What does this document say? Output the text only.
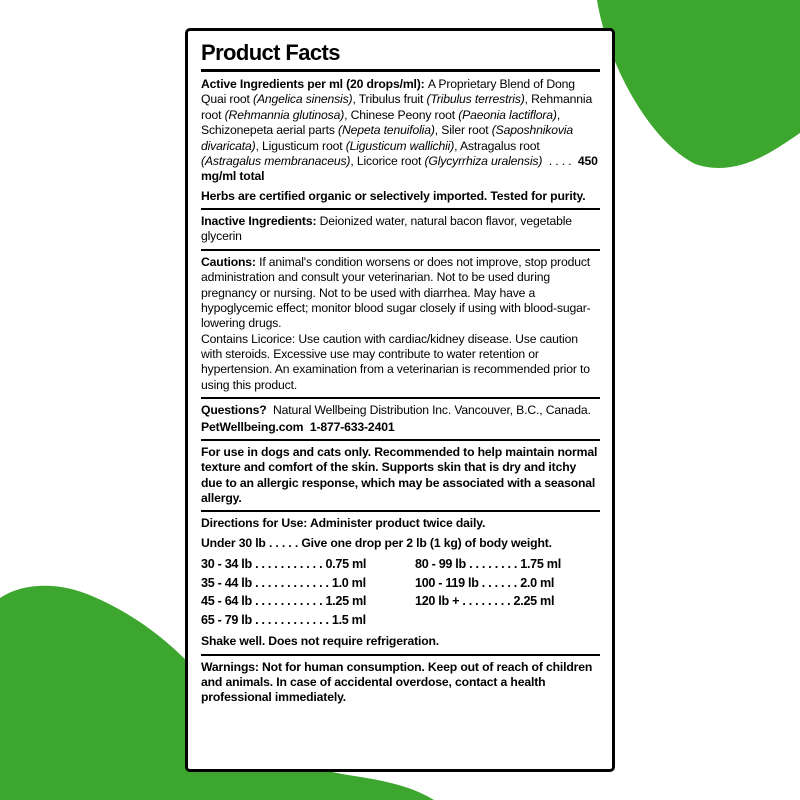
Product Facts

Active Ingredients per ml (20 drops/ml): A Proprietary Blend of Dong Quai root (Angelica sinensis), Tribulus fruit (Tribulus terrestris), Rehmannia root (Rehmannia glutinosa), Chinese Peony root (Paeonia lactiflora), Schizonepeta aerial parts (Nepeta tenuifolia), Siler root (Saposhnikovia divaricata), Ligusticum root (Ligusticum wallichii), Astragalus root (Astragalus membranaceus), Licorice root (Glycyrrhiza uralensis)  . . . .  450 mg/ml total

Herbs are certified organic or selectively imported. Tested for purity.

Inactive Ingredients: Deionized water, natural bacon flavor, vegetable glycerin

Cautions: If animal's condition worsens or does not improve, stop product administration and consult your veterinarian. Not to be used during pregnancy or nursing. Not to be used with diarrhea. May have a hypoglycemic effect; monitor blood sugar closely if using with blood-sugar-lowering drugs.

Contains Licorice: Use caution with cardiac/kidney disease. Use caution with steroids. Excessive use may contribute to water retention or hypertension. An examination from a veterinarian is recommended prior to using this product.

Questions?  Natural Wellbeing Distribution Inc. Vancouver, B.C., Canada.

PetWellbeing.com  1-877-633-2401

For use in dogs and cats only. Recommended to help maintain normal texture and comfort of the skin. Supports skin that is dry and itchy due to an allergic response, which may be associated with a seasonal allergy.

Directions for Use: Administer product twice daily.

Under 30 lb . . . . . Give one drop per 2 lb (1 kg) of body weight.

30 - 34 lb . . . . . . . . . . . 0.75 ml
35 - 44 lb . . . . . . . . . . . . 1.0 ml
45 - 64 lb . . . . . . . . . . . 1.25 ml
65 - 79 lb . . . . . . . . . . . . 1.5 ml
80 - 99 lb . . . . . . . . 1.75 ml
100 - 119 lb . . . . . . 2.0 ml
120 lb + . . . . . . . . 2.25 ml

Shake well. Does not require refrigeration.

Warnings: Not for human consumption. Keep out of reach of children and animals. In case of accidental overdose, contact a health professional immediately.
